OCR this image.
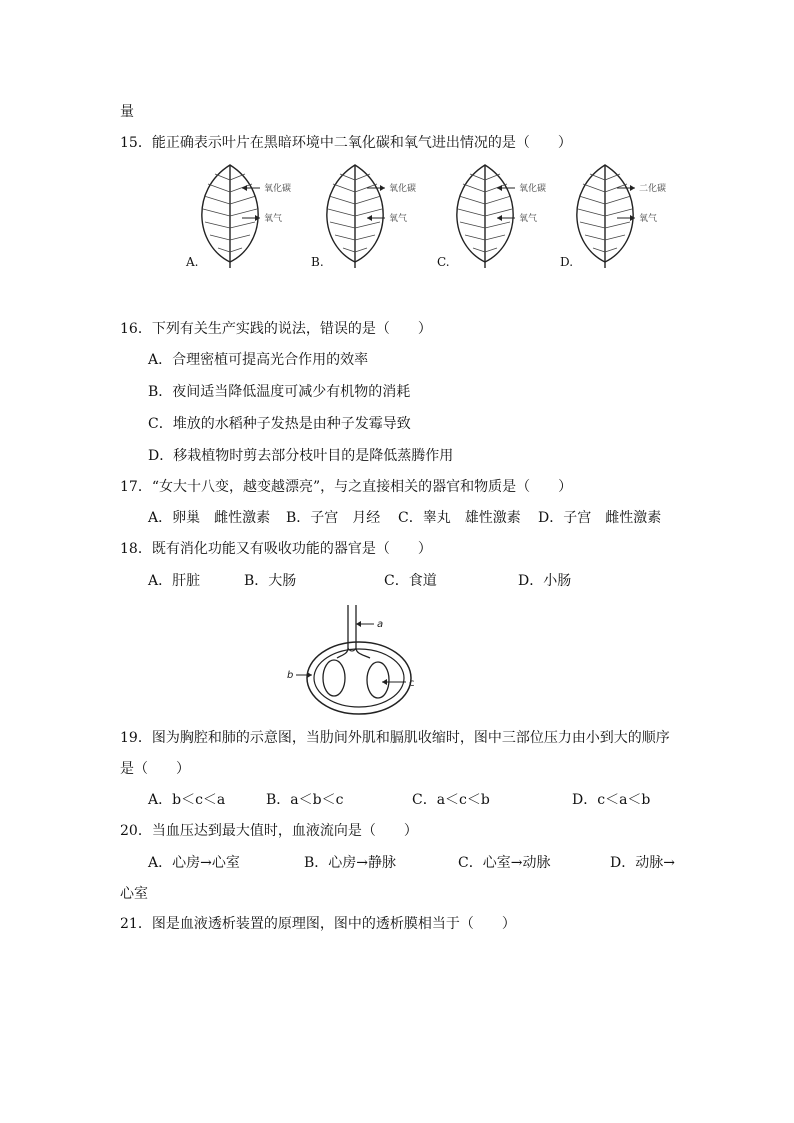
量
15．能正确表示叶片在黑暗环境中二氧化碳和氧气进出情况的是（　　）
氧化碳
氧气
氧化碳
氧气
氧化碳
氧气
二化碳
氧气
A.	B.	C.	D.
16．下列有关生产实践的说法，错误的是（　　）
A．合理密植可提高光合作用的效率
B．夜间适当降低温度可减少有机物的消耗
C．堆放的水稻种子发热是由种子发霉导致
D．移栽植物时剪去部分枝叶目的是降低蒸腾作用
17．“女大十八变，越变越漂亮”，与之直接相关的器官和物质是（　　）
A．卵巢　雌性激素 B．子宫　月经 C．睾丸　雄性激素 D．子宫　雌性激素
18．既有消化功能又有吸收功能的器官是（　　）
A．肝脏	B．大肠	C．食道	D．小肠
a
b
c
19．图为胸腔和肺的示意图，当肋间外肌和膈肌收缩时，图中三部位压力由小到大的顺序
是（　　）
A．b＜c＜a	B．a＜b＜c	C．a＜c＜b	D．c＜a＜b
20．当血压达到最大值时，血液流向是（　　）
A．心房→心室	B．心房→静脉	C．心室→动脉	D．动脉→
心室
21．图是血液透析装置的原理图，图中的透析膜相当于（　　）
